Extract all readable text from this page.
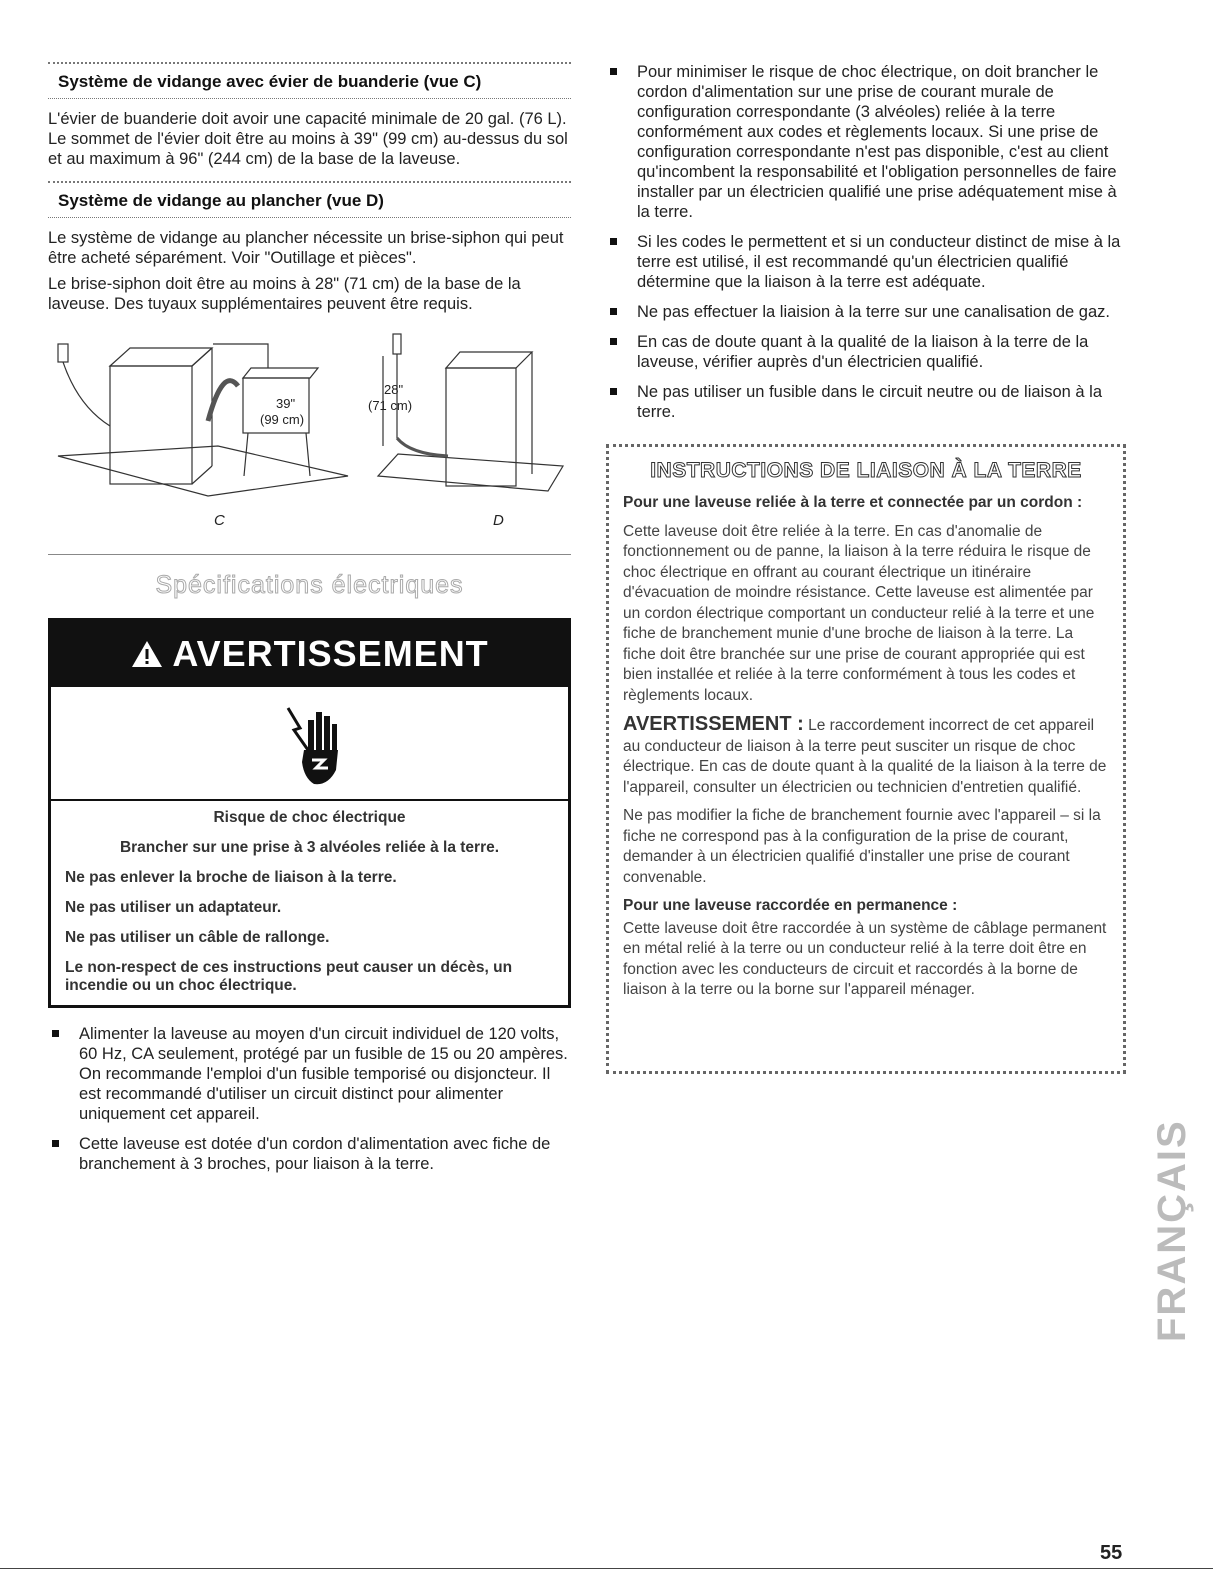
Système de vidange avec évier de buanderie (vue C)

L'évier de buanderie doit avoir une capacité minimale de 20 gal. (76 L). Le sommet de l'évier doit être au moins à 39" (99 cm) au-dessus du sol et au maximum à 96" (244 cm) de la base de la laveuse.

Système de vidange au plancher (vue D)

Le système de vidange au plancher nécessite un brise-siphon qui peut être acheté séparément. Voir "Outillage et pièces".

Le brise-siphon doit être au moins à 28" (71 cm) de la base de la laveuse. Des tuyaux supplémentaires peuvent être requis.

39"
(99 cm)
28"
(71 cm)
C	D
Spécifications électriques
AVERTISSEMENT
Risque de choc électrique
Brancher sur une prise à 3 alvéoles reliée à la terre.
Ne pas enlever la broche de liaison à la terre.
Ne pas utiliser un adaptateur.
Ne pas utiliser un câble de rallonge.
Le non-respect de ces instructions peut causer un décès, un incendie ou un choc électrique.
Alimenter la laveuse au moyen d'un circuit individuel de 120 volts, 60 Hz, CA seulement, protégé par un fusible de 15 ou 20 ampères. On recommande l'emploi d'un fusible temporisé ou disjoncteur. Il est recommandé d'utiliser un circuit distinct pour alimenter uniquement cet appareil.
Cette laveuse est dotée d'un cordon d'alimentation avec fiche de branchement à 3 broches, pour liaison à la terre.
Pour minimiser le risque de choc électrique, on doit brancher le cordon d'alimentation sur une prise de courant murale de configuration correspondante (3 alvéoles) reliée à la terre conformément aux codes et règlements locaux. Si une prise de configuration correspondante n'est pas disponible, c'est au client qu'incombent la responsabilité et l'obligation personnelles de faire installer par un électricien qualifié une prise adéquatement mise à la terre.
Si les codes le permettent et si un conducteur distinct de mise à la terre est utilisé, il est recommandé qu'un électricien qualifié détermine que la liaison à la terre est adéquate.
Ne pas effectuer la liaision à la terre sur une canalisation de gaz.
En cas de doute quant à la qualité de la liaison à la terre de la laveuse, vérifier auprès d'un électricien qualifié.
Ne pas utiliser un fusible dans le circuit neutre ou de liaison à la terre.
INSTRUCTIONS DE LIAISON À LA TERRE

Pour une laveuse reliée à la terre et connectée par un cordon :

Cette laveuse doit être reliée à la terre. En cas d'anomalie de fonctionnement ou de panne, la liaison à la terre réduira le risque de choc électrique en offrant au courant électrique un itinéraire d'évacuation de moindre résistance. Cette laveuse est alimentée par un cordon électrique comportant un conducteur relié à la terre et une fiche de branchement munie d'une broche de liaison à la terre. La fiche doit être branchée sur une prise de courant appropriée qui est bien installée et reliée à la terre conformément à tous les codes et règlements locaux.

AVERTISSEMENT : Le raccordement incorrect de cet appareil au conducteur de liaison à la terre peut susciter un risque de choc électrique. En cas de doute quant à la qualité de la liaison à la terre de l'appareil, consulter un électricien ou technicien d'entretien qualifié.

Ne pas modifier la fiche de branchement fournie avec l'appareil – si la fiche ne correspond pas à la configuration de la prise de courant, demander à un électricien qualifié d'installer une prise de courant convenable.

Pour une laveuse raccordée en permanence :

Cette laveuse doit être raccordée à un système de câblage permanent en métal relié à la terre ou un conducteur relié à la terre doit être en fonction avec les conducteurs de circuit et raccordés à la borne de liaison à la terre ou la borne sur l'appareil ménager.

FRANÇAIS
55
